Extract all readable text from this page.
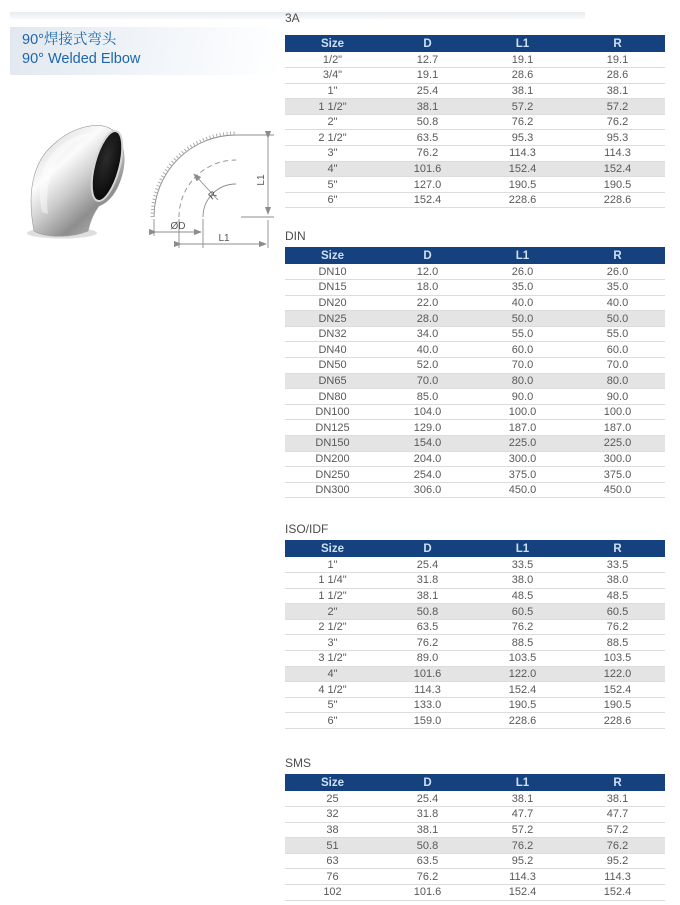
90°焊接式弯头
90° Welded Elbow
R
L1
ØD
L1
3A
Size	D	L1	R
1/2"	12.7	19.1	19.1
3/4"	19.1	28.6	28.6
1"	25.4	38.1	38.1
1 1/2"	38.1	57.2	57.2
2"	50.8	76.2	76.2
2 1/2"	63.5	95.3	95.3
3"	76.2	114.3	114.3
4"	101.6	152.4	152.4
5"	127.0	190.5	190.5
6"	152.4	228.6	228.6
DIN
Size	D	L1	R
DN10	12.0	26.0	26.0
DN15	18.0	35.0	35.0
DN20	22.0	40.0	40.0
DN25	28.0	50.0	50.0
DN32	34.0	55.0	55.0
DN40	40.0	60.0	60.0
DN50	52.0	70.0	70.0
DN65	70.0	80.0	80.0
DN80	85.0	90.0	90.0
DN100	104.0	100.0	100.0
DN125	129.0	187.0	187.0
DN150	154.0	225.0	225.0
DN200	204.0	300.0	300.0
DN250	254.0	375.0	375.0
DN300	306.0	450.0	450.0
ISO/IDF
Size	D	L1	R
1"	25.4	33.5	33.5
1 1/4"	31.8	38.0	38.0
1 1/2"	38.1	48.5	48.5
2"	50.8	60.5	60.5
2 1/2"	63.5	76.2	76.2
3"	76.2	88.5	88.5
3 1/2"	89.0	103.5	103.5
4"	101.6	122.0	122.0
4 1/2"	114.3	152.4	152.4
5"	133.0	190.5	190.5
6"	159.0	228.6	228.6
SMS
Size	D	L1	R
25	25.4	38.1	38.1
32	31.8	47.7	47.7
38	38.1	57.2	57.2
51	50.8	76.2	76.2
63	63.5	95.2	95.2
76	76.2	114.3	114.3
102	101.6	152.4	152.4
